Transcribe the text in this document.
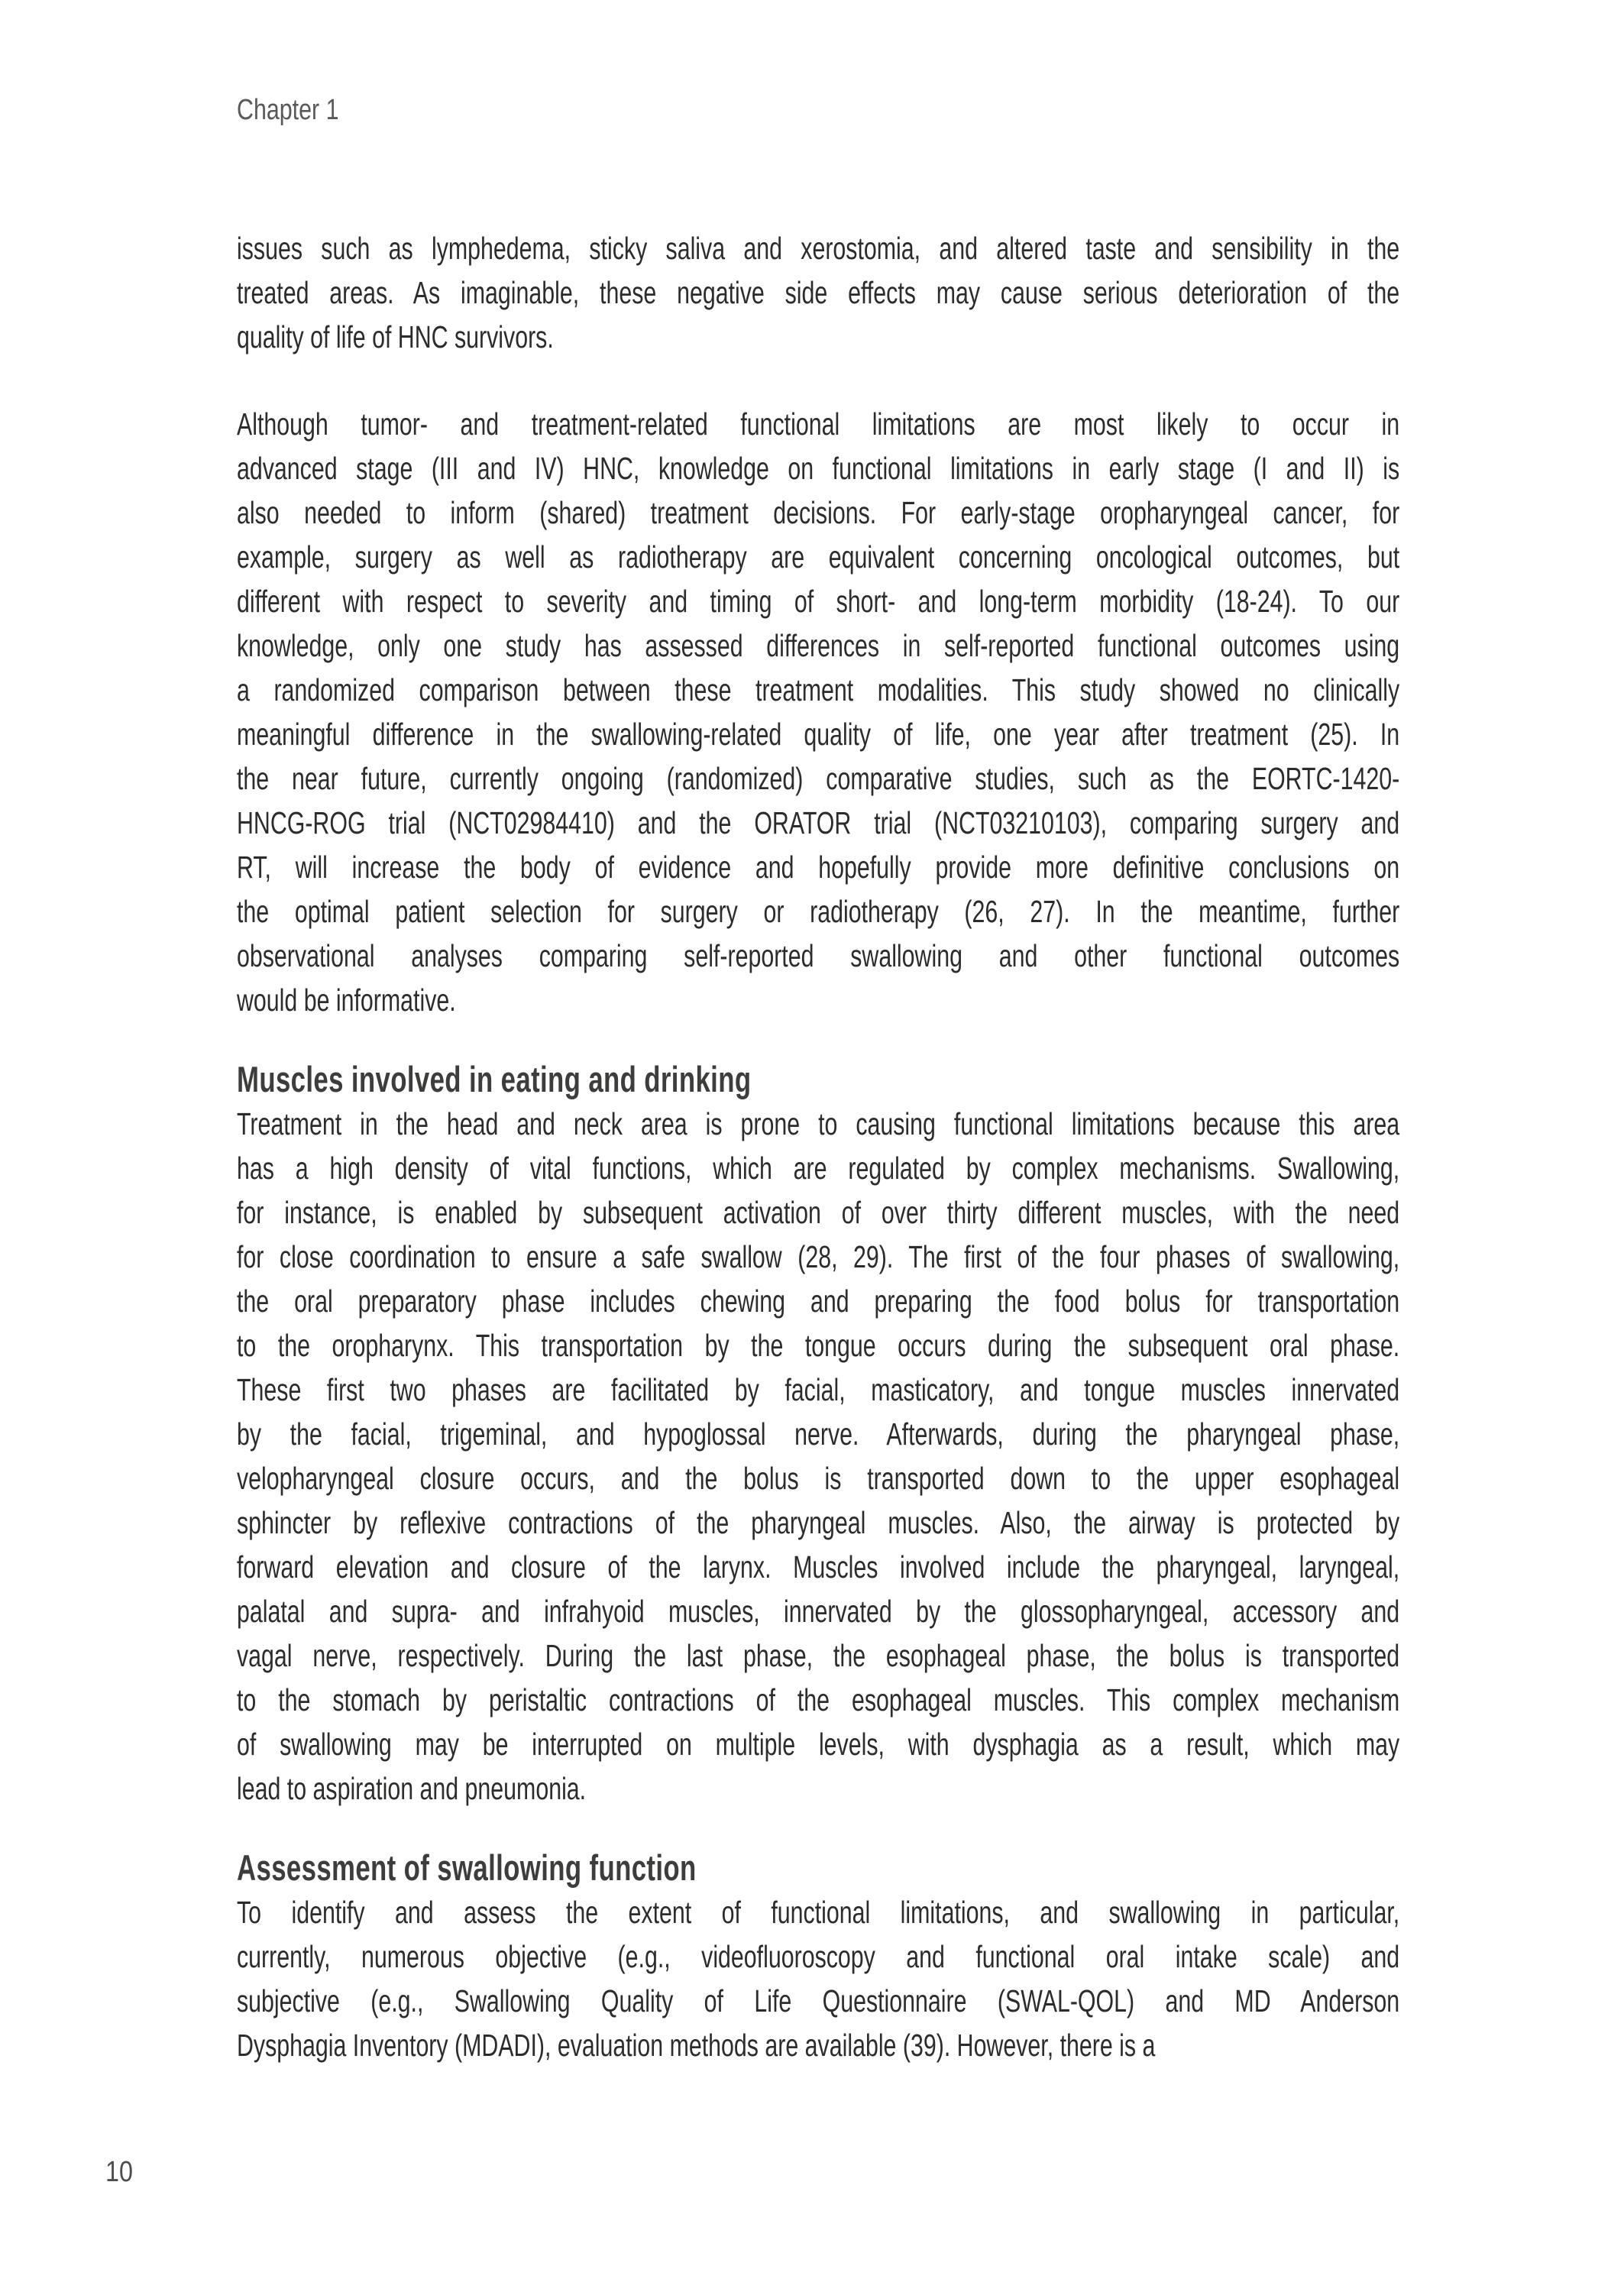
Chapter 1
issues such as lymphedema, sticky saliva and xerostomia, and altered taste and sensibility in the
treated areas. As imaginable, these negative side effects may cause serious deterioration of the
quality of life of HNC survivors.
Although tumor- and treatment-related functional limitations are most likely to occur in
advanced stage (III and IV) HNC, knowledge on functional limitations in early stage (I and II) is
also needed to inform (shared) treatment decisions. For early-stage oropharyngeal cancer, for
example, surgery as well as radiotherapy are equivalent concerning oncological outcomes, but
different with respect to severity and timing of short- and long-term morbidity (18-24). To our
knowledge, only one study has assessed differences in self-reported functional outcomes using
a randomized comparison between these treatment modalities. This study showed no clinically
meaningful difference in the swallowing-related quality of life, one year after treatment (25). In
the near future, currently ongoing (randomized) comparative studies, such as the EORTC-1420-
HNCG-ROG trial (NCT02984410) and the ORATOR trial (NCT03210103), comparing surgery and
RT, will increase the body of evidence and hopefully provide more definitive conclusions on
the optimal patient selection for surgery or radiotherapy (26, 27). In the meantime, further
observational analyses comparing self-reported swallowing and other functional outcomes
would be informative.
Muscles involved in eating and drinking
Treatment in the head and neck area is prone to causing functional limitations because this area
has a high density of vital functions, which are regulated by complex mechanisms. Swallowing,
for instance, is enabled by subsequent activation of over thirty different muscles, with the need
for close coordination to ensure a safe swallow (28, 29). The first of the four phases of swallowing,
the oral preparatory phase includes chewing and preparing the food bolus for transportation
to the oropharynx. This transportation by the tongue occurs during the subsequent oral phase.
These first two phases are facilitated by facial, masticatory, and tongue muscles innervated
by the facial, trigeminal, and hypoglossal nerve. Afterwards, during the pharyngeal phase,
velopharyngeal closure occurs, and the bolus is transported down to the upper esophageal
sphincter by reflexive contractions of the pharyngeal muscles. Also, the airway is protected by
forward elevation and closure of the larynx. Muscles involved include the pharyngeal, laryngeal,
palatal and supra- and infrahyoid muscles, innervated by the glossopharyngeal, accessory and
vagal nerve, respectively. During the last phase, the esophageal phase, the bolus is transported
to the stomach by peristaltic contractions of the esophageal muscles. This complex mechanism
of swallowing may be interrupted on multiple levels, with dysphagia as a result, which may
lead to aspiration and pneumonia.
Assessment of swallowing function
To identify and assess the extent of functional limitations, and swallowing in particular,
currently, numerous objective (e.g., videofluoroscopy and functional oral intake scale) and
subjective (e.g., Swallowing Quality of Life Questionnaire (SWAL-QOL) and MD Anderson
Dysphagia Inventory (MDADI), evaluation methods are available (39). However, there is a
10
